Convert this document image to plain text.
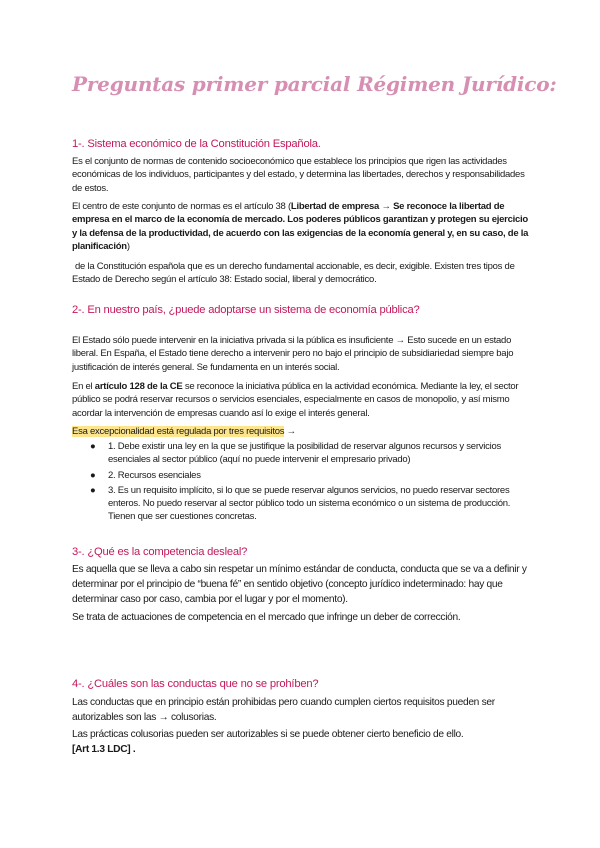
Preguntas primer parcial Régimen Jurídico:
1-. Sistema económico de la Constitución Española.

Es el conjunto de normas de contenido socioeconómico que establece los principios que rigen las actividades económicas de los individuos, participantes y del estado, y determina las libertades, derechos y responsabilidades de estos.

El centro de este conjunto de normas es el artículo 38 (Libertad de empresa → Se reconoce la libertad de empresa en el marco de la economía de mercado. Los poderes públicos garantizan y protegen su ejercicio y la defensa de la productividad, de acuerdo con las exigencias de la economía general y, en su caso, de la planificación)

de la Constitución española que es un derecho fundamental accionable, es decir, exigible. Existen tres tipos de Estado de Derecho según el artículo 38: Estado social, liberal y democrático.

2-. En nuestro país, ¿puede adoptarse un sistema de economía pública?

El Estado sólo puede intervenir en la iniciativa privada si la pública es insuficiente → Esto sucede en un estado liberal. En España, el Estado tiene derecho a intervenir pero no bajo el principio de subsidiariedad siempre bajo justificación de interés general. Se fundamenta en un interés social.

En el artículo 128 de la CE se reconoce la iniciativa pública en la actividad económica. Mediante la ley, el sector público se podrá reservar recursos o servicios esenciales, especialmente en casos de monopolio, y así mismo acordar la intervención de empresas cuando así lo exige el interés general.

Esa excepcionalidad está regulada por tres requisitos →

● 1. Debe existir una ley en la que se justifique la posibilidad de reservar algunos recursos y servicios esenciales al sector público (aquí no puede intervenir el empresario privado)
● 2. Recursos esenciales
● 3. Es un requisito implícito, si lo que se puede reservar algunos servicios, no puedo reservar sectores enteros. No puedo reservar al sector público todo un sistema económico o un sistema de producción. Tienen que ser cuestiones concretas.
3-. ¿Qué es la competencia desleal?

Es aquella que se lleva a cabo sin respetar un mínimo estándar de conducta, conducta que se va a definir y determinar por el principio de “buena fé” en sentido objetivo (concepto jurídico indeterminado: hay que determinar caso por caso, cambia por el lugar y por el momento).

Se trata de actuaciones de competencia en el mercado que infringe un deber de corrección.

4-. ¿Cuáles son las conductas que no se prohíben?

Las conductas que en principio están prohibidas pero cuando cumplen ciertos requisitos pueden ser autorizables son las → colusorias.

Las prácticas colusorias pueden ser autorizables si se puede obtener cierto beneficio de ello.

[Art 1.3 LDC] .
